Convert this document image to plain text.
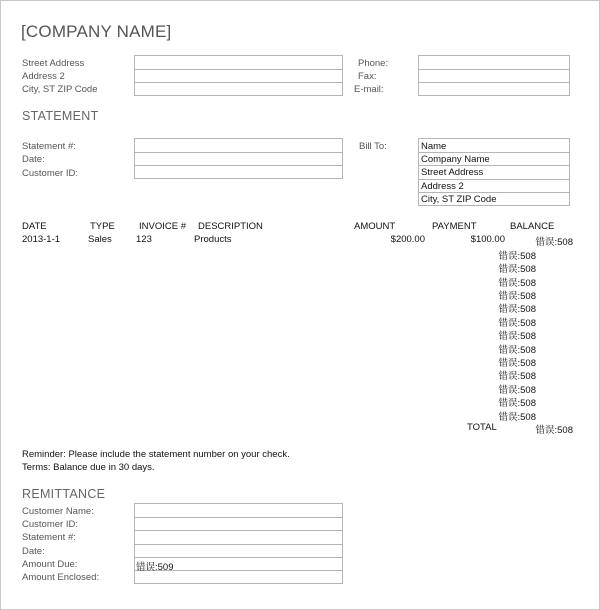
[COMPANY NAME]
Street Address
Address 2
City, ST ZIP Code
Phone:
Fax:
E-mail:
STATEMENT
Statement #:
Date:
Customer ID:
Bill To:	Name
Company Name
Street Address
Address 2
City, ST ZIP Code
DATE	TYPE	INVOICE # DESCRIPTION	AMOUNT	PAYMENT	BALANCE
2013-1-1	Sales	123	Products	$200.00	$100.00	错误:508
错误:508
错误:508
错误:508
错误:508
错误:508
错误:508
错误:508
错误:508
错误:508
错误:508
错误:508
错误:508
错误:508
TOTAL	错误:508
Reminder: Please include the statement number on your check.
Terms: Balance due in 30 days.
REMITTANCE
Customer Name:
Customer ID:
Statement #:
Date:
Amount Due:
Amount Enclosed:
错误:509
